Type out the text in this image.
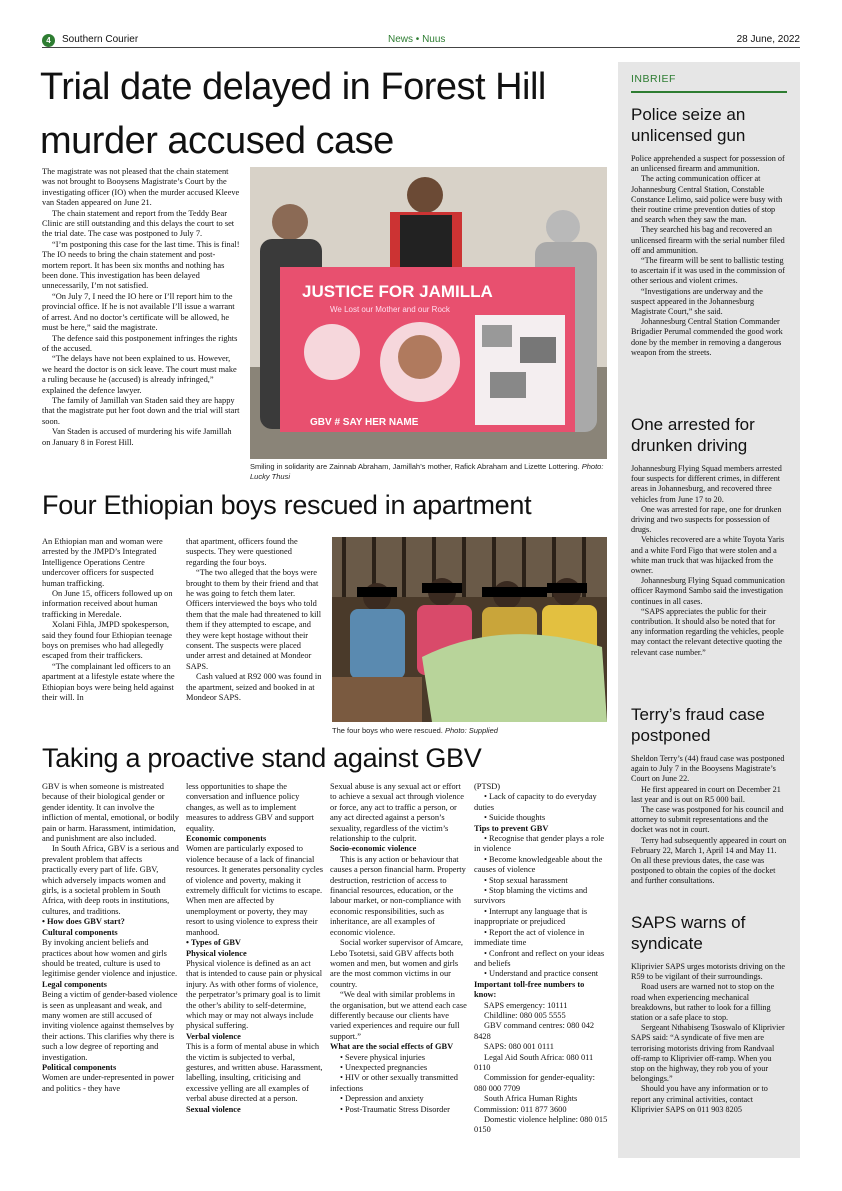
4	Southern Courier	News • Nuus	28 June, 2022
Trial date delayed in Forest Hill murder accused case

The magistrate was not pleased that the chain statement was not brought to Booysens Magistrate’s Court by the investigating officer (IO) when the murder accused Kleeve van Staden appeared on June 21.

The chain statement and report from the Teddy Bear Clinic are still outstanding and this delays the court to set the trial date. The case was postponed to July 7.

“I’m postponing this case for the last time. This is final! The IO needs to bring the chain statement and post-mortem report. It has been six months and nothing has been done. This investigation has been delayed unnecessarily, I’m not satisfied.

“On July 7, I need the IO here or I’ll report him to the provincial office. If he is not available I’ll issue a warrant of arrest. And no doctor’s certificate will be allowed, he must be here,” said the magistrate.

The defence said this postponement infringes the rights of the accused.

“The delays have not been explained to us. However, we heard the doctor is on sick leave. The court must make a ruling because he (accused) is already infringed,” explained the defence lawyer.

The family of Jamillah van Staden said they are happy that the magistrate put her foot down and the trial will start soon.

Van Staden is accused of murdering his wife Jamillah on January 8 in Forest Hill.

JUSTICE FOR JAMILLA
We Lost our Mother and our Rock
GBV # SAY HER NAME
Smiling in solidarity are Zainnab Abraham, Jamillah’s mother, Rafick Abraham and Lizette Lottering. Photo: Lucky Thusi
Four Ethiopian boys rescued in apartment

An Ethiopian man and woman were arrested by the JMPD’s Integrated Intelligence Operations Centre undercover officers for suspected human trafficking.

On June 15, officers followed up on information received about human trafficking in Meredale.

Xolani Fihla, JMPD spokesperson, said they found four Ethiopian teenage boys on premises who had allegedly escaped from their traffickers.

“The complainant led officers to an apartment at a lifestyle estate where the Ethiopian boys were being held against their will. In

that apartment, officers found the suspects. They were questioned regarding the four boys.

“The two alleged that the boys were brought to them by their friend and that he was going to fetch them later. Officers interviewed the boys who told them that the male had threatened to kill them if they attempted to escape, and they were kept hostage without their consent. The suspects were placed under arrest and detained at Mondeor SAPS.

Cash valued at R92 000 was found in the apartment, seized and booked in at Mondeor SAPS.

The four boys who were rescued. Photo: Supplied
Taking a proactive stand against GBV

GBV is when someone is mistreated because of their biological gender or gender identity. It can involve the infliction of mental, emotional, or bodily pain or harm. Harassment, intimidation, and punishment are also included.

In South Africa, GBV is a serious and prevalent problem that affects practically every part of life. GBV, which adversely impacts women and girls, is a societal problem in South Africa, with deep roots in institutions, cultures, and traditions.

• How does GBV start?

Cultural components

By invoking ancient beliefs and practices about how women and girls should be treated, culture is used to legitimise gender violence and injustice.

Legal components

Being a victim of gender-based violence is seen as unpleasant and weak, and many women are still accused of inviting violence against themselves by their actions. This clarifies why there is such a low degree of reporting and investigation.

Political components

Women are under-represented in power and politics - they have

less opportunities to shape the conversation and influence policy changes, as well as to implement measures to address GBV and support equality.

Economic components

Women are particularly exposed to violence because of a lack of financial resources. It generates personality cycles of violence and poverty, making it extremely difficult for victims to escape. When men are affected by unemployment or poverty, they may resort to using violence to express their manhood.

• Types of GBV

Physical violence

Physical violence is defined as an act that is intended to cause pain or physical injury. As with other forms of violence, the perpetrator’s primary goal is to limit the other’s ability to self-determine, which may or may not always include physical suffering.

Verbal violence

This is a form of mental abuse in which the victim is subjected to verbal, gestures, and written abuse. Harassment, labelling, insulting, criticising and excessive yelling are all examples of verbal abuse directed at a person.

Sexual violence

Sexual abuse is any sexual act or effort to achieve a sexual act through violence or force, any act to traffic a person, or any act directed against a person’s sexuality, regardless of the victim’s relationship to the culprit.

Socio-economic violence

This is any action or behaviour that causes a person financial harm. Property destruction, restriction of access to financial resources, education, or the labour market, or non-compliance with economic responsibilities, such as inheritance, are all examples of economic violence.

Social worker supervisor of Amcare, Lebo Tsotetsi, said GBV affects both women and men, but women and girls are the most common victims in our country.

“We deal with similar problems in the organisation, but we attend each case differently because our clients have varied experiences and require our full support.”

What are the social effects of GBV

• Severe physical injuries

• Unexpected pregnancies

• HIV or other sexually transmitted infections

• Depression and anxiety

• Post-Traumatic Stress Disorder

(PTSD)

• Lack of capacity to do everyday duties

• Suicide thoughts

Tips to prevent GBV

• Recognise that gender plays a role in violence

• Become knowledgeable about the causes of violence

• Stop sexual harassment

• Stop blaming the victims and survivors

• Interrupt any language that is inappropriate or prejudiced

• Report the act of violence in immediate time

• Confront and reflect on your ideas and beliefs

• Understand and practice consent

Important toll-free numbers to know:

SAPS emergency: 10111

Childline: 080 005 5555

GBV command centres: 080 042 8428

SAPS: 080 001 0111

Legal Aid South Africa: 080 011 0110

Commission for gender-equality: 080 000 7709

South Africa Human Rights Commission: 011 877 3600

Domestic violence helpline: 080 015 0150

INBRIEF
Police seize an unlicensed gun

Police apprehended a suspect for possession of an unlicensed firearm and ammunition.

The acting communication officer at Johannesburg Central Station, Constable Constance Lelimo, said police were busy with their routine crime prevention duties of stop and search when they saw the man.

They searched his bag and recovered an unlicensed firearm with the serial number filed off and ammunition.

“The firearm will be sent to ballistic testing to ascertain if it was used in the commission of other serious and violent crimes.

“Investigations are underway and the suspect appeared in the Johannesburg Magistrate Court,” she said.

Johannesburg Central Station Commander Brigadier Perumal commended the good work done by the member in removing a dangerous weapon from the streets.

One arrested for drunken driving

Johannesburg Flying Squad members arrested four suspects for different crimes, in different areas in Johannesburg, and recovered three vehicles from June 17 to 20.

One was arrested for rape, one for drunken driving and two suspects for possession of drugs.

Vehicles recovered are a white Toyota Yaris and a white Ford Figo that were stolen and a white man truck that was hijacked from the owner.

Johannesburg Flying Squad communication officer Raymond Sambo said the investigation continues in all cases.

“SAPS appreciates the public for their contribution. It should also be noted that for any information regarding the vehicles, people may contact the relevant detective quoting the relevant case number.”

Terry’s fraud case postponed

Sheldon Terry’s (44) fraud case was postponed again to July 7 in the Booysens Magistrate’s Court on June 22.

He first appeared in court on December 21 last year and is out on R5 000 bail.

The case was postponed for his council and attorney to submit representations and the docket was not in court.

Terry had subsequently appeared in court on February 22, March 1, April 14 and May 11. On all these previous dates, the case was postponed to obtain the copies of the docket and further consultations.

SAPS warns of syndicate

Kliprivier SAPS urges motorists driving on the R59 to be vigilant of their surroundings.

Road users are warned not to stop on the road when experiencing mechanical breakdowns, but rather to look for a filling station or a safe place to stop.

Sergeant Nthabiseng Tsoswalo of Kliprivier SAPS said: “A syndicate of five men are terrorising motorists driving from Randvaal off-ramp to Kliprivier off-ramp. When you stop on the highway, they rob you of your belongings.”

Should you have any information or to report any criminal activities, contact Kliprivier SAPS on 011 903 8205
